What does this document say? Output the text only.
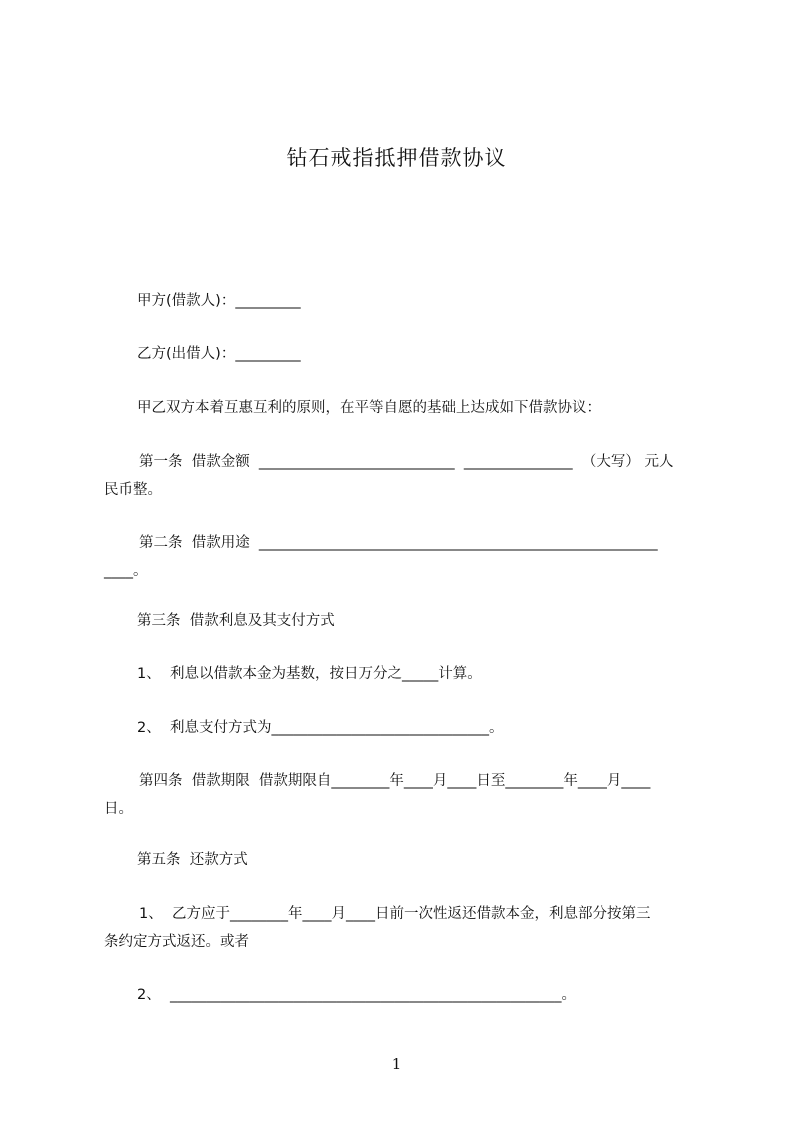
钻石戒指抵押借款协议
甲方(借款人)：_________
乙方(出借人)：_________
甲乙双方本着互惠互利的原则，在平等自愿的基础上达成如下借款协议：
第一条  借款金额  ___________________________  _______________  （大写） 元人
民币整。
第二条  借款用途  _______________________________________________________
____。
第三条  借款利息及其支付方式
1、  利息以借款本金为基数，按日万分之_____计算。
2、  利息支付方式为______________________________。
第四条  借款期限  借款期限自________年____月____日至________年____月____
日。
第五条  还款方式
1、  乙方应于________年____月____日前一次性返还借款本金，利息部分按第三
条约定方式返还。或者
2、  ______________________________________________________。
1
